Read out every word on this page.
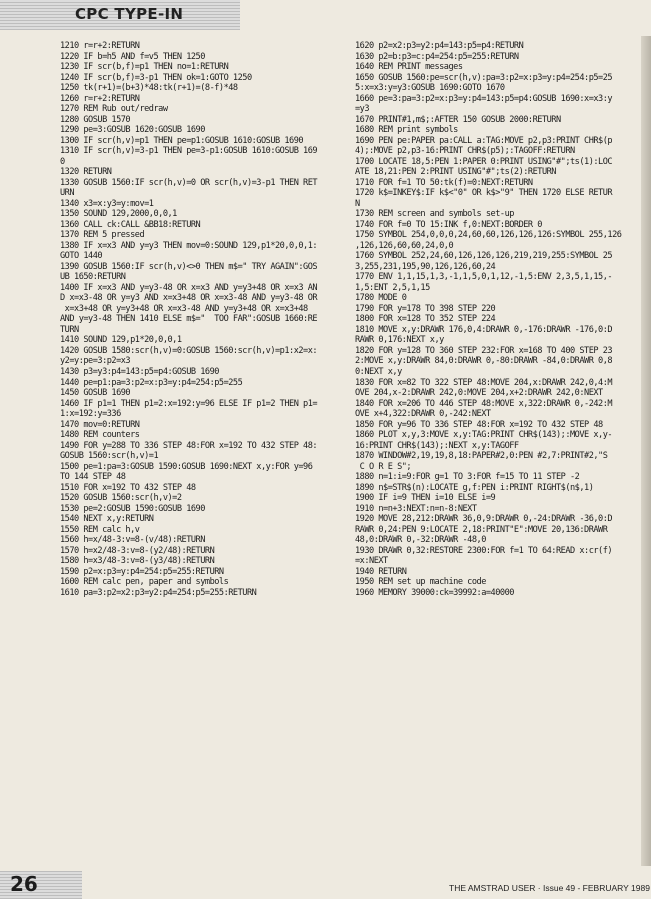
CPC TYPE-IN
1210 r=r+2:RETURN
1220 IF b=h5 AND f=v5 THEN 1250
1230 IF scr(b,f)=p1 THEN no=1:RETURN
1240 IF scr(b,f)=3-p1 THEN ok=1:GOTO 1250
1250 tk(r+1)=(b+3)*48:tk(r+1)=(8-f)*48
1260 r=r+2:RETURN
1270 REM Rub out/redraw
1280 GOSUB 1570
1290 pe=3:GOSUB 1620:GOSUB 1690
1300 IF scr(h,v)=p1 THEN pe=p1:GOSUB 1610:GOSUB 1690
1310 IF scr(h,v)=3-p1 THEN pe=3-p1:GOSUB 1610:GOSUB 169
0
1320 RETURN
1330 GOSUB 1560:IF scr(h,v)=0 OR scr(h,v)=3-p1 THEN RET
URN
1340 x3=x:y3=y:mov=1
1350 SOUND 129,2000,0,0,1
1360 CALL ck:CALL &BB18:RETURN
1370 REM 5 pressed
1380 IF x=x3 AND y=y3 THEN mov=0:SOUND 129,p1*20,0,0,1:
GOTO 1440
1390 GOSUB 1560:IF scr(h,v)<>0 THEN m$=" TRY AGAIN":GOS
UB 1650:RETURN
1400 IF x=x3 AND y=y3-48 OR x=x3 AND y=y3+48 OR x=x3 AN
D x=x3-48 OR y=y3 AND x=x3+48 OR x=x3-48 AND y=y3-48 OR
x=x3+48 OR y=y3+48 OR x=x3-48 AND y=y3+48 OR x=x3+48
AND y=y3-48 THEN 1410 ELSE m$="  TOO FAR":GOSUB 1660:RE
TURN
1410 SOUND 129,p1*20,0,0,1
1420 GOSUB 1580:scr(h,v)=0:GOSUB 1560:scr(h,v)=p1:x2=x:
y2=y:pe=3:p2=x3
1430 p3=y3:p4=143:p5=p4:GOSUB 1690
1440 pe=p1:pa=3:p2=x:p3=y:p4=254:p5=255
1450 GOSUB 1690
1460 IF p1=1 THEN p1=2:x=192:y=96 ELSE IF p1=2 THEN p1=
1:x=192:y=336
1470 mov=0:RETURN
1480 REM counters
1490 FOR y=288 TO 336 STEP 48:FOR x=192 TO 432 STEP 48:
GOSUB 1560:scr(h,v)=1
1500 pe=1:pa=3:GOSUB 1590:GOSUB 1690:NEXT x,y:FOR y=96
TO 144 STEP 48
1510 FOR x=192 TO 432 STEP 48
1520 GOSUB 1560:scr(h,v)=2
1530 pe=2:GOSUB 1590:GOSUB 1690
1540 NEXT x,y:RETURN
1550 REM calc h,v
1560 h=x/48-3:v=8-(v/48):RETURN
1570 h=x2/48-3:v=8-(y2/48):RETURN
1580 h=x3/48-3:v=8-(y3/48):RETURN
1590 p2=x:p3=y:p4=254:p5=255:RETURN
1600 REM calc pen, paper and symbols
1610 pa=3:p2=x2:p3=y2:p4=254:p5=255:RETURN
1620 p2=x2:p3=y2:p4=143:p5=p4:RETURN
1630 p2=b:p3=c:p4=254:p5=255:RETURN
1640 REM PRINT messages
1650 GOSUB 1560:pe=scr(h,v):pa=3:p2=x:p3=y:p4=254:p5=25
5:x=x3:y=y3:GOSUB 1690:GOTO 1670
1660 pe=3:pa=3:p2=x:p3=y:p4=143:p5=p4:GOSUB 1690:x=x3:y
=y3
1670 PRINT#1,m$;:AFTER 150 GOSUB 2000:RETURN
1680 REM print symbols
1690 PEN pe:PAPER pa:CALL a:TAG:MOVE p2,p3:PRINT CHR$(p
4);:MOVE p2,p3-16:PRINT CHR$(p5);:TAGOFF:RETURN
1700 LOCATE 18,5:PEN 1:PAPER 0:PRINT USING"#";ts(1):LOC
ATE 18,21:PEN 2:PRINT USING"#";ts(2):RETURN
1710 FOR f=1 TO 50:tk(f)=0:NEXT:RETURN
1720 k$=INKEY$:IF k$<"0" OR k$>"9" THEN 1720 ELSE RETUR
N
1730 REM screen and symbols set-up
1740 FOR f=0 TO 15:INK f,0:NEXT:BORDER 0
1750 SYMBOL 254,0,0,0,24,60,60,126,126,126:SYMBOL 255,126
,126,126,60,60,24,0,0
1760 SYMBOL 252,24,60,126,126,126,219,219,255:SYMBOL 25
3,255,231,195,90,126,126,60,24
1770 ENV 1,1,15,1,3,-1,1,5,0,1,12,-1,5:ENV 2,3,5,1,15,-
1,5:ENT 2,5,1,15
1780 MODE 0
1790 FOR y=178 TO 398 STEP 220
1800 FOR x=128 TO 352 STEP 224
1810 MOVE x,y:DRAWR 176,0,4:DRAWR 0,-176:DRAWR -176,0:D
RAWR 0,176:NEXT x,y
1820 FOR y=128 TO 360 STEP 232:FOR x=168 TO 400 STEP 23
2:MOVE x,y:DRAWR 84,0:DRAWR 0,-80:DRAWR -84,0:DRAWR 0,8
0:NEXT x,y
1830 FOR x=82 TO 322 STEP 48:MOVE 204,x:DRAWR 242,0,4:M
OVE 204,x-2:DRAWR 242,0:MOVE 204,x+2:DRAWR 242,0:NEXT
1840 FOR x=206 TO 446 STEP 48:MOVE x,322:DRAWR 0,-242:M
OVE x+4,322:DRAWR 0,-242:NEXT
1850 FOR y=96 TO 336 STEP 48:FOR x=192 TO 432 STEP 48
1860 PLOT x,y,3:MOVE x,y:TAG:PRINT CHR$(143);:MOVE x,y-
16:PRINT CHR$(143);:NEXT x,y:TAGOFF
1870 WINDOW#2,19,19,8,18:PAPER#2,0:PEN #2,7:PRINT#2,"S
C O R E S";
1880 n=1:i=9:FOR g=1 TO 3:FOR f=15 TO 11 STEP -2
1890 n$=STR$(n):LOCATE g,f:PEN i:PRINT RIGHT$(n$,1)
1900 IF i=9 THEN i=10 ELSE i=9
1910 n=n+3:NEXT:n=n-8:NEXT
1920 MOVE 28,212:DRAWR 36,0,9:DRAWR 0,-24:DRAWR -36,0:D
RAWR 0,24:PEN 9:LOCATE 2,18:PRINT"E":MOVE 20,136:DRAWR
48,0:DRAWR 0,-32:DRAWR -48,0
1930 DRAWR 0,32:RESTORE 2300:FOR f=1 TO 64:READ x:cr(f)
=x:NEXT
1940 RETURN
1950 REM set up machine code
1960 MEMORY 39000:ck=39992:a=40000
26	THE AMSTRAD USER · Issue 49 - FEBRUARY 1989
